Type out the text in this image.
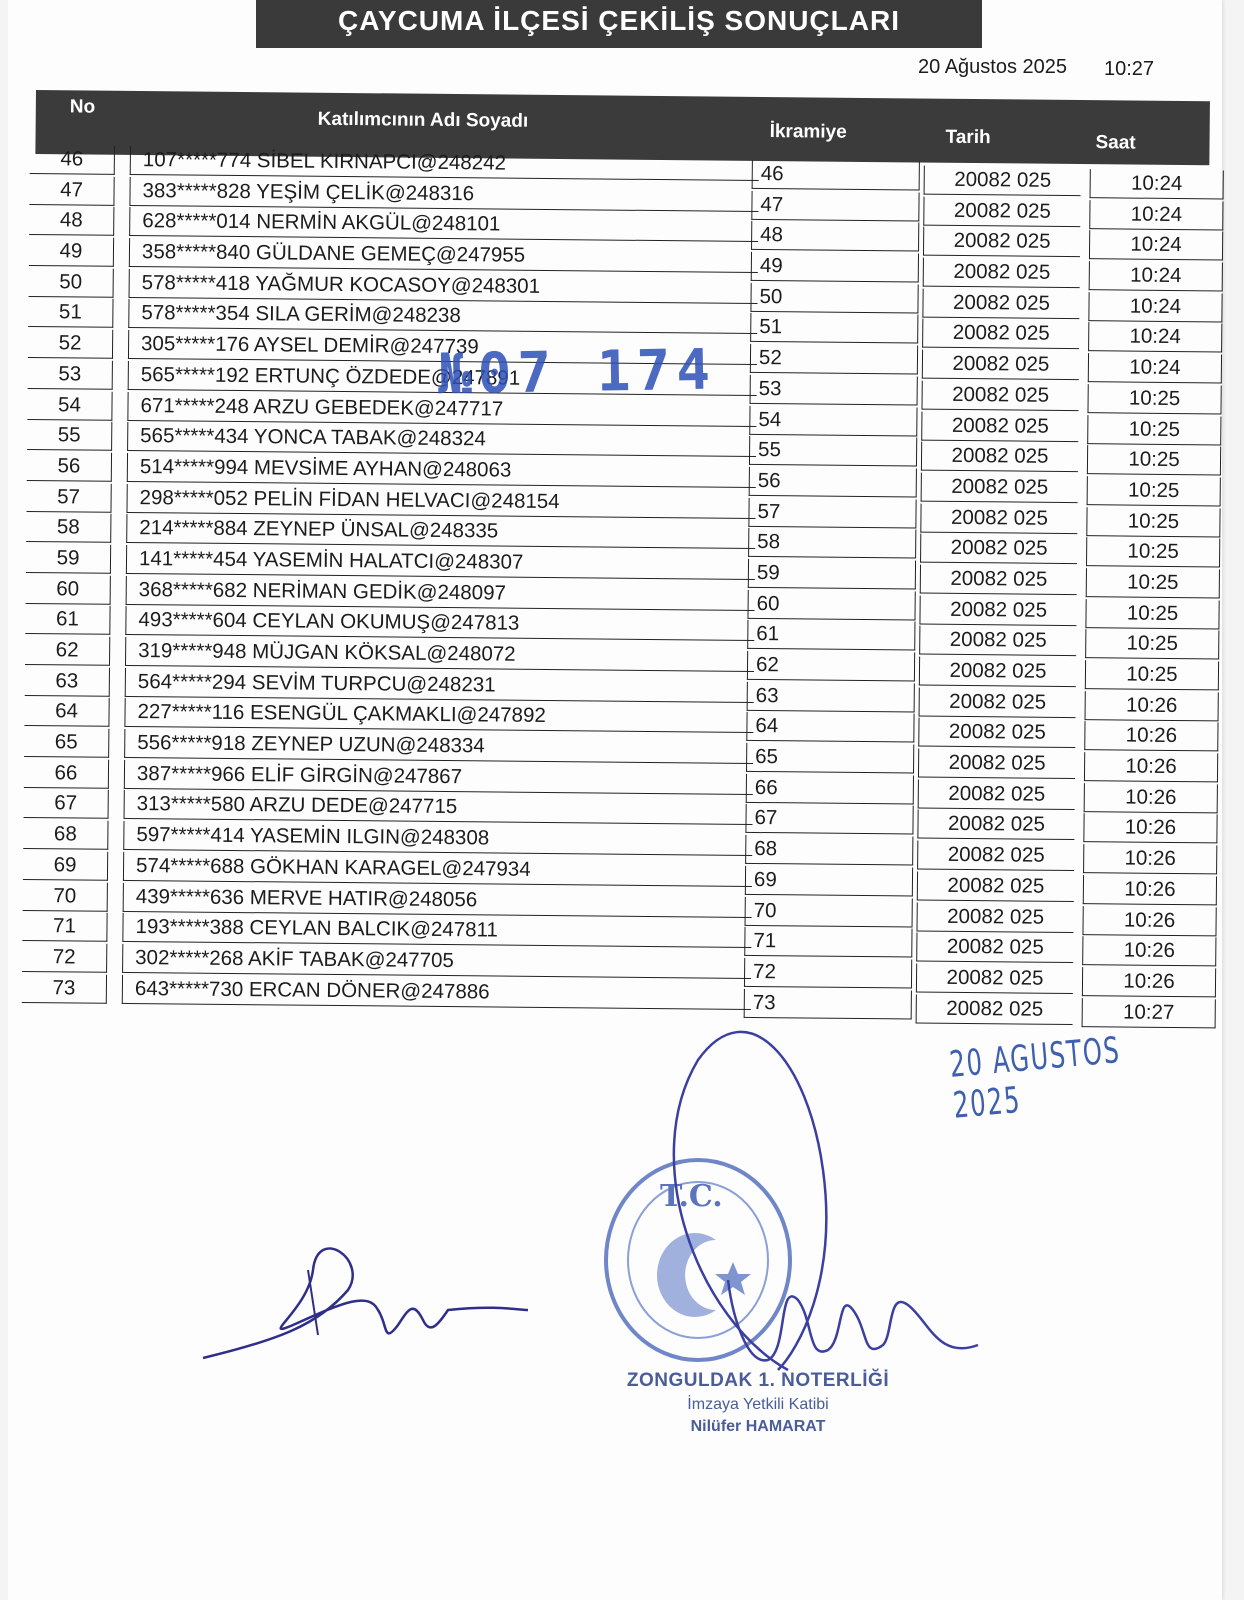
ÇAYCUMA İLÇESİ ÇEKİLİŞ SONUÇLARI
20 Ağustos 2025 10:27
No
Katılımcının Adı Soyadı
İkramiye	Tarih	Saat
46	107*****774 SİBEL KIRNAPCI@248242	46	20082 025	10:24
47	383*****828 YEŞİM ÇELİK@248316	47	20082 025	10:24
48	628*****014 NERMİN AKGÜL@248101	48	20082 025	10:24
49	358*****840 GÜLDANE GEMEÇ@247955	49	20082 025	10:24
50	578*****418 YAĞMUR KOCASOY@248301	50	20082 025	10:24
51	578*****354 SILA GERİM@248238	51	20082 025	10:24
52	305*****176 AYSEL DEMİR@247739	52	20082 025	10:24
53	565*****192 ERTUNÇ ÖZDEDE@247891	53	20082 025	10:25
54	671*****248 ARZU GEBEDEK@247717	54	20082 025	10:25
55	565*****434 YONCA TABAK@248324	55	20082 025	10:25
56	514*****994 MEVSİME AYHAN@248063	56	20082 025	10:25
57	298*****052 PELİN FİDAN HELVACI@248154	57	20082 025	10:25
58	214*****884 ZEYNEP ÜNSAL@248335	58	20082 025	10:25
59	141*****454 YASEMİN HALATCI@248307	59	20082 025	10:25
60	368*****682 NERİMAN GEDİK@248097	60	20082 025	10:25
61	493*****604 CEYLAN OKUMUŞ@247813	61	20082 025	10:25
62	319*****948 MÜJGAN KÖKSAL@248072	62	20082 025	10:25
63	564*****294 SEVİM TURPCU@248231	63	20082 025	10:26
64	227*****116 ESENGÜL ÇAKMAKLI@247892	64	20082 025	10:26
65	556*****918 ZEYNEP UZUN@248334	65	20082 025	10:26
66	387*****966 ELİF GİRGİN@247867	66	20082 025	10:26
67	313*****580 ARZU DEDE@247715	67	20082 025	10:26
68	597*****414 YASEMİN ILGIN@248308	68	20082 025	10:26
69	574*****688 GÖKHAN KARAGEL@247934	69	20082 025	10:26
70	439*****636 MERVE HATIR@248056	70	20082 025	10:26
71	193*****388 CEYLAN BALCIK@247811	71	20082 025	10:26
72	302*****268 AKİF TABAK@247705	72	20082 025	10:26
73	643*****730 ERCAN DÖNER@247886	73	20082 025	10:27
№07 174
20 AGUSTOS 2025
T.C.
ZONGULDAK 1. NOTERLİĞİ
İmzaya Yetkili Katibi
Nilüfer HAMARAT
